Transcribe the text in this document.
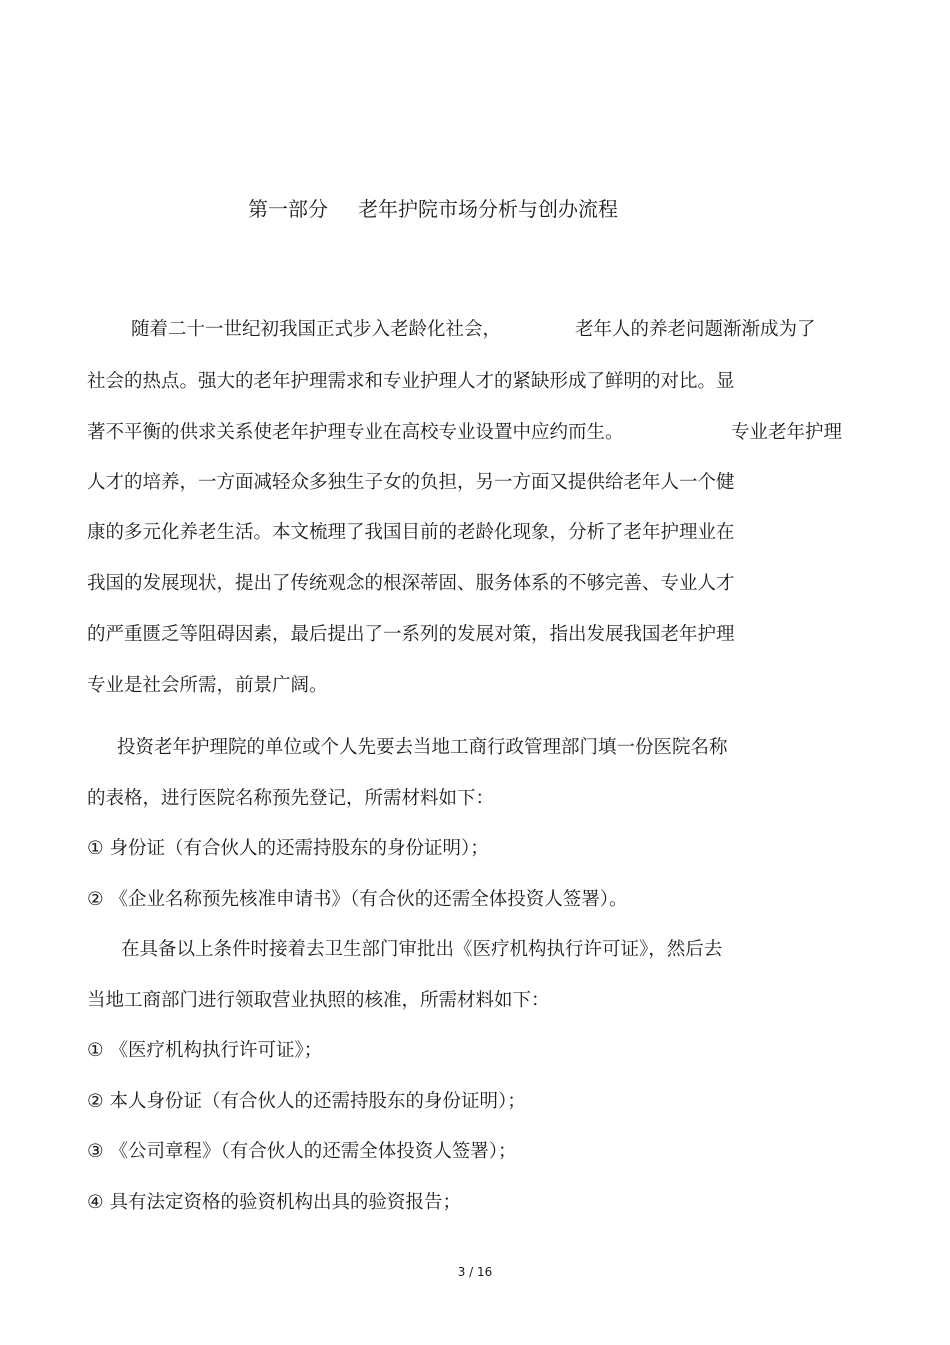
第一部分 老年护院市场分析与创办流程
随着二十一世纪初我国正式步入老龄化社会，	老年人的养老问题渐渐成为了
社会的热点。强大的老年护理需求和专业护理人才的紧缺形成了鲜明的对比。显
著不平衡的供求关系使老年护理专业在高校专业设置中应约而生。	专业老年护理
人才的培养，一方面减轻众多独生子女的负担，另一方面又提供给老年人一个健
康的多元化养老生活。本文梳理了我国目前的老龄化现象，分析了老年护理业在
我国的发展现状，提出了传统观念的根深蒂固、服务体系的不够完善、专业人才
的严重匮乏等阻碍因素，最后提出了一系列的发展对策，指出发展我国老年护理
专业是社会所需，前景广阔。
投资老年护理院的单位或个人先要去当地工商行政管理部门填一份医院名称
的表格，进行医院名称预先登记，所需材料如下：
① 身份证（有合伙人的还需持股东的身份证明）；
② 《企业名称预先核准申请书》（有合伙的还需全体投资人签署）。
在具备以上条件时接着去卫生部门审批出《医疗机构执行许可证》，然后去
当地工商部门进行领取营业执照的核准，所需材料如下：
① 《医疗机构执行许可证》；
② 本人身份证（有合伙人的还需持股东的身份证明）；
③ 《公司章程》（有合伙人的还需全体投资人签署）；
④ 具有法定资格的验资机构出具的验资报告；
3 / 16
